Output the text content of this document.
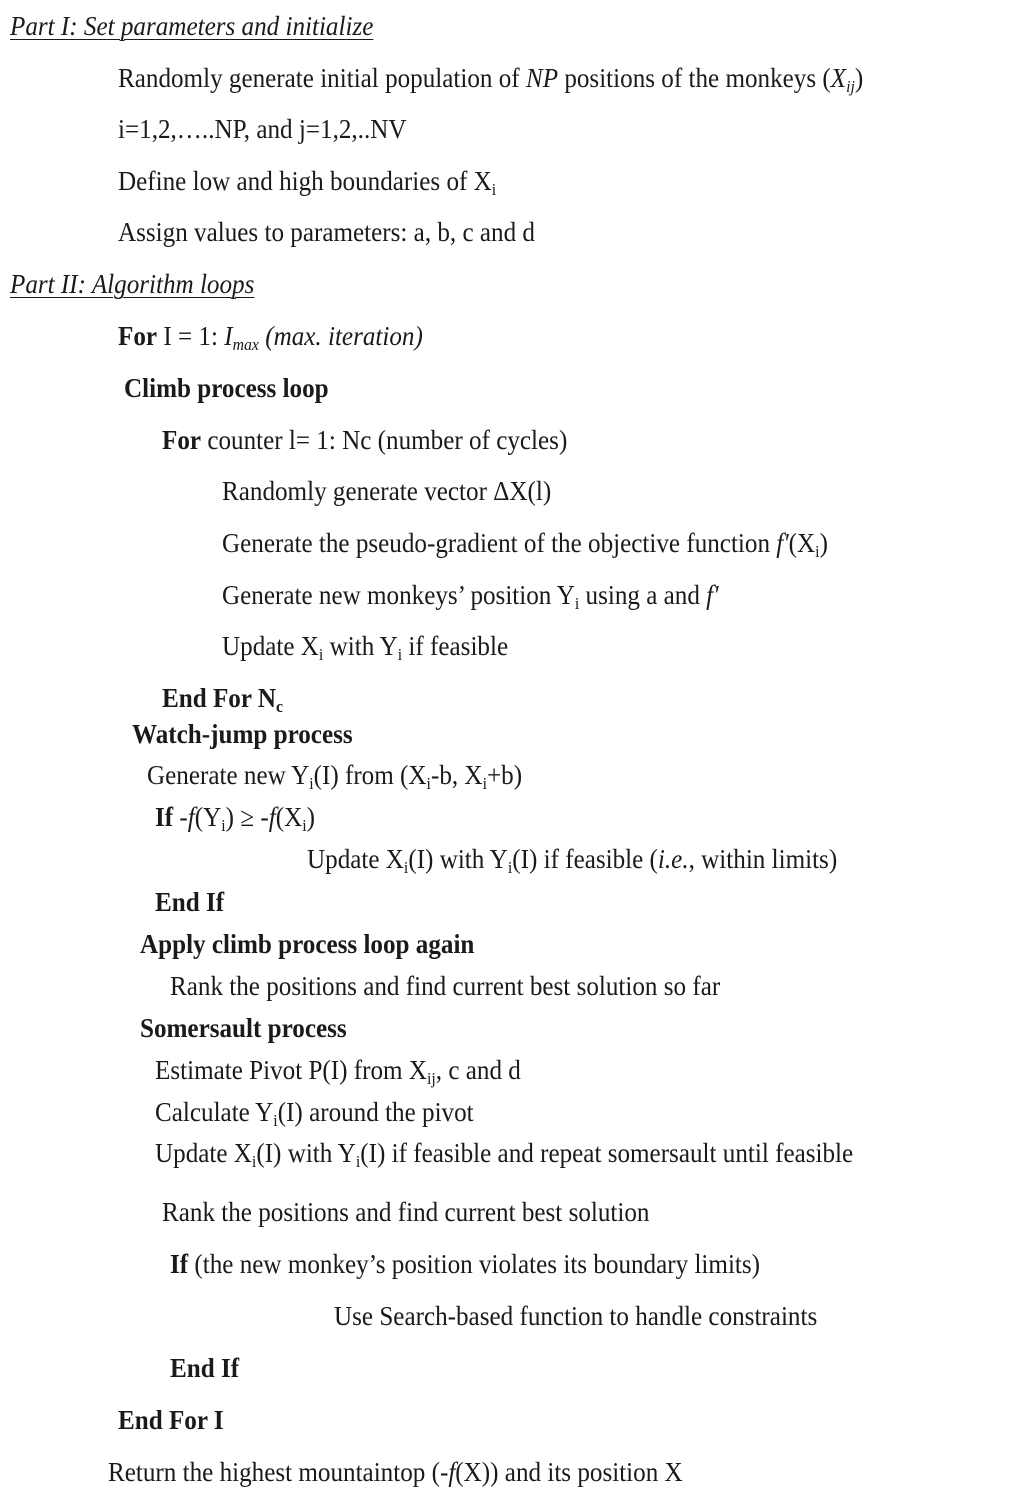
Part I: Set parameters and initialize
Randomly generate initial population of NP positions of the monkeys $(X_{ij})$
i=1,2,…..NP, and j=1,2,..NV
Define low and high boundaries of $X_i$
Assign values to parameters: a, b, c and d
Part II: Algorithm loops
For I = 1: $I_{max}$ (max. iteration)
Climb process loop
For counter l= 1: Nc (number of cycles)
Randomly generate vector ΔX(l)
Generate the pseudo-gradient of the objective function $f'(X_i)$
Generate new monkeys’ position $Y_i$ using a and f'
Update $X_i$ with $Y_i$ if feasible
End For $N_c$
Watch-jump process
Generate new $Y_i(I)$ from ($X_i-b$, $X_i+b$)
If $-f(Y_i) \ge -f(X_i)$
Update $X_i(I)$ with $Y_i(I)$ if feasible (i.e., within limits)
End If
Apply climb process loop again
Rank the positions and find current best solution so far
Somersault process
Estimate Pivot P(I) from $X_{ij}$, c and d
Calculate $Y_i(I)$ around the pivot
Update $X_i(I)$ with $Y_i(I)$ if feasible and repeat somersault until feasible
Rank the positions and find current best solution
If (the new monkey’s position violates its boundary limits)
Use Search-based function to handle constraints
End If
End For I
Return the highest mountaintop (-f(X)) and its position X
